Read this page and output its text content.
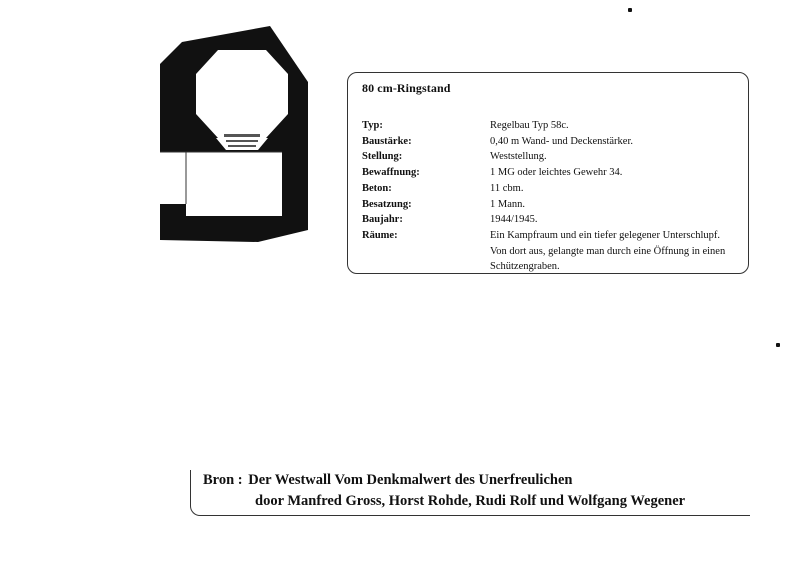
80 cm-Ringstand
Typ:	Regelbau Typ 58c.
Baustärke:	0,40 m Wand- und Deckenstärker.
Stellung:	Weststellung.
Bewaffnung:	1 MG oder leichtes Gewehr 34.
Beton:	11 cbm.
Besatzung:	1 Mann.
Baujahr:	1944/1945.
Räume:	Ein Kampfraum und ein tiefer gelegener Unterschlupf. Von dort aus, gelangte man durch eine Öffnung in einen Schützengraben.
Bron : Der Westwall Vom Denkmalwert des Unerfreulichen
door Manfred Gross, Horst Rohde, Rudi Rolf und Wolfgang Wegener
